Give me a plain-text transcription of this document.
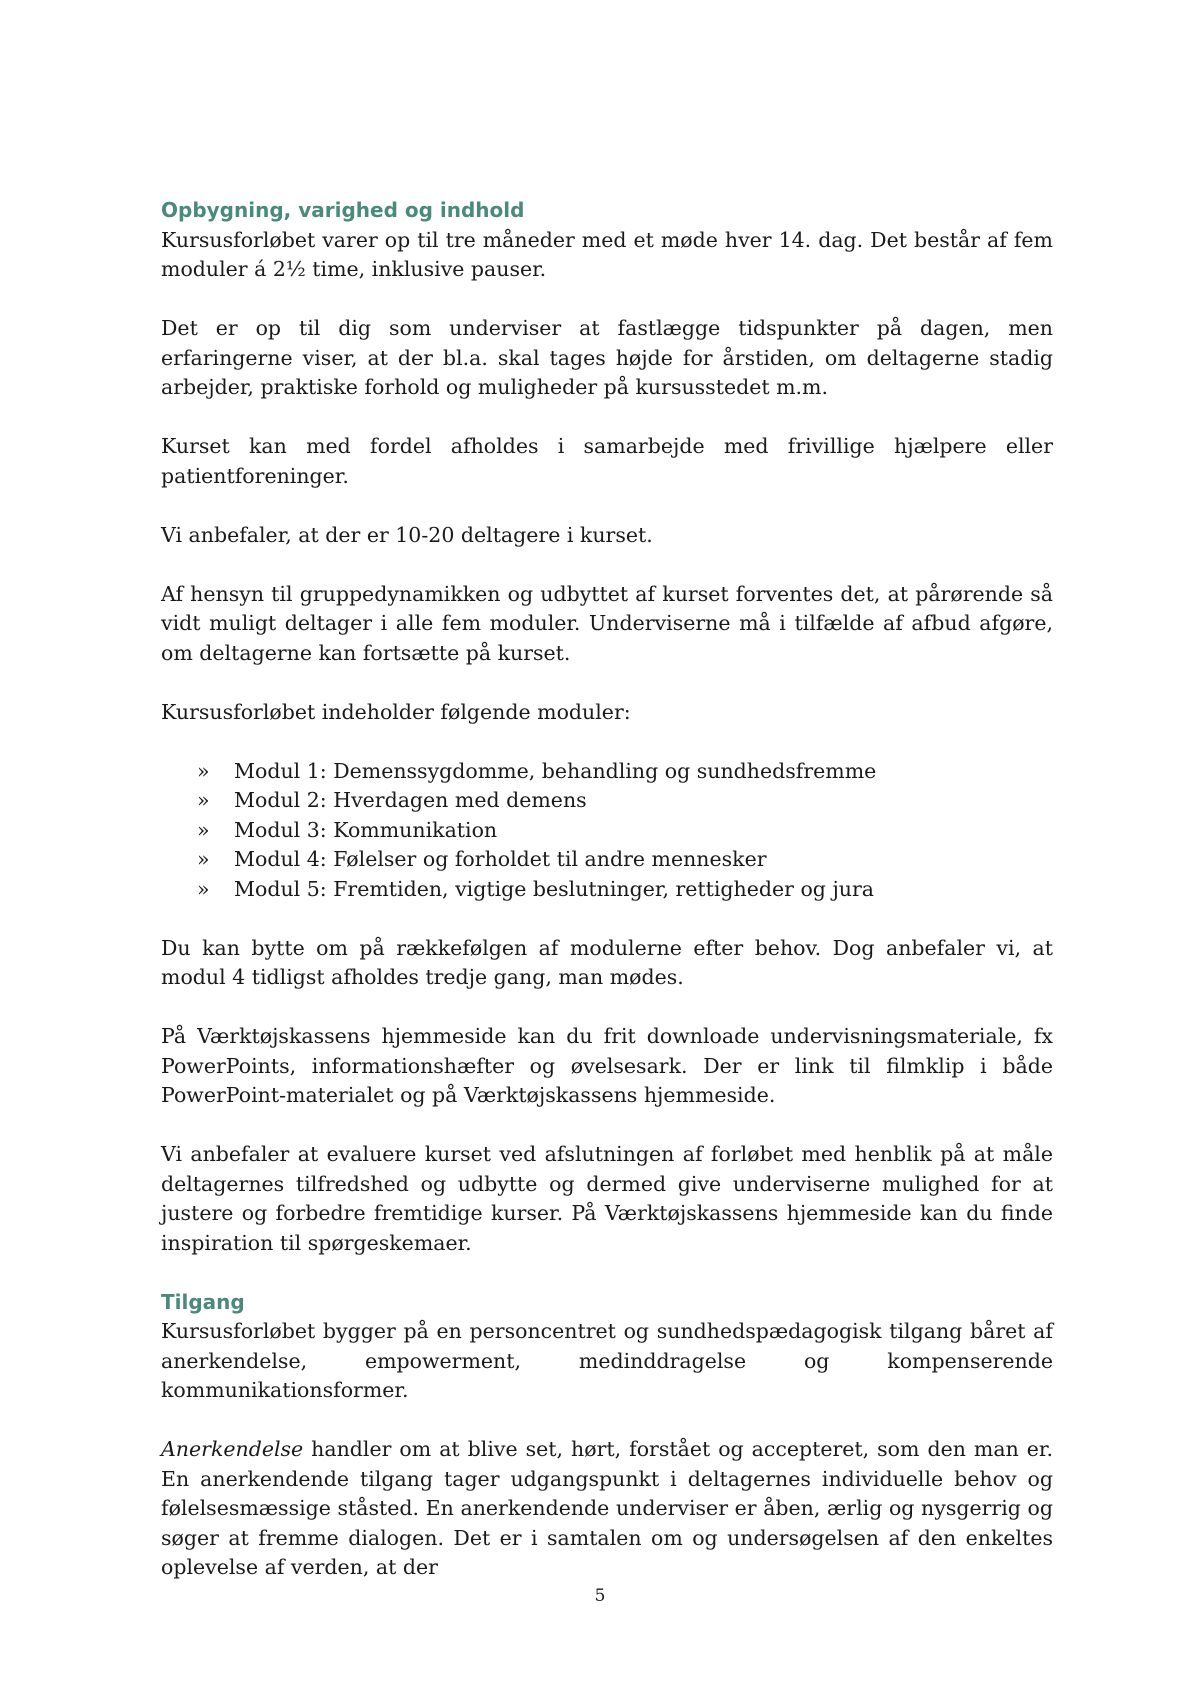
Opbygning, varighed og indhold

Kursusforløbet varer op til tre måneder med et møde hver 14. dag. Det består af fem moduler á 2½ time, inklusive pauser.

Det er op til dig som underviser at fastlægge tidspunkter på dagen, men erfaringerne viser, at der bl.a. skal tages højde for årstiden, om deltagerne stadig arbejder, praktiske forhold og muligheder på kursusstedet m.m.

Kurset kan med fordel afholdes i samarbejde med frivillige hjælpere eller patientforeninger.

Vi anbefaler, at der er 10-20 deltagere i kurset.

Af hensyn til gruppedynamikken og udbyttet af kurset forventes det, at pårørende så vidt muligt deltager i alle fem moduler. Underviserne må i tilfælde af afbud afgøre, om deltagerne kan fortsætte på kurset.

Kursusforløbet indeholder følgende moduler:

» Modul 1: Demenssygdomme, behandling og sundhedsfremme
» Modul 2: Hverdagen med demens
» Modul 3: Kommunikation
» Modul 4: Følelser og forholdet til andre mennesker
» Modul 5: Fremtiden, vigtige beslutninger, rettigheder og jura

Du kan bytte om på rækkefølgen af modulerne efter behov. Dog anbefaler vi, at modul 4 tidligst afholdes tredje gang, man mødes.

På Værktøjskassens hjemmeside kan du frit downloade undervisningsmateriale, fx PowerPoints, informationshæfter og øvelsesark. Der er link til filmklip i både PowerPoint-materialet og på Værktøjskassens hjemmeside.

Vi anbefaler at evaluere kurset ved afslutningen af forløbet med henblik på at måle deltagernes tilfredshed og udbytte og dermed give underviserne mulighed for at justere og forbedre fremtidige kurser. På Værktøjskassens hjemmeside kan du finde inspiration til spørgeskemaer.

Tilgang

Kursusforløbet bygger på en personcentret og sundhedspædagogisk tilgang båret af anerkendelse, empowerment, medinddragelse og kompenserende kommunikationsformer.

Anerkendelse handler om at blive set, hørt, forstået og accepteret, som den man er. En anerkendende tilgang tager udgangspunkt i deltagernes individuelle behov og følelsesmæssige ståsted. En anerkendende underviser er åben, ærlig og nysgerrig og søger at fremme dialogen. Det er i samtalen om og undersøgelsen af den enkeltes oplevelse af verden, at der

5
